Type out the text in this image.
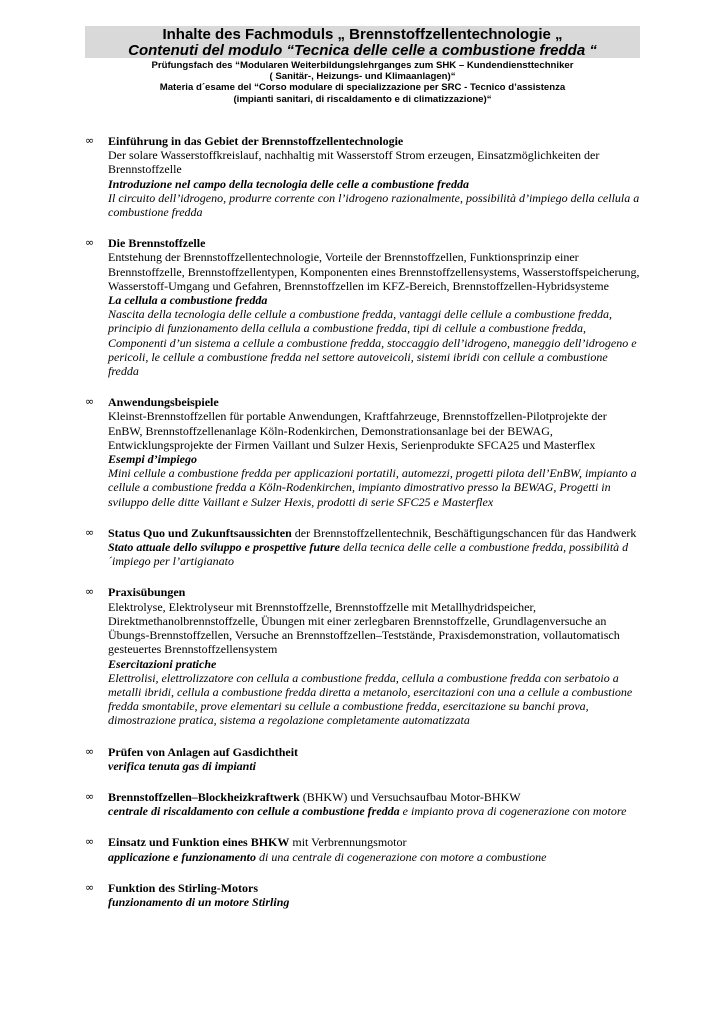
Inhalte des Fachmoduls „ Brennstoffzellentechnologie „
Contenuti del modulo “Tecnica delle celle a combustione fredda “
Prüfungsfach des “Modularen Weiterbildungslehrganges zum SHK – Kundendiensttechniker
( Sanitär-, Heizungs- und Klimaanlagen)“
Materia d´esame del “Corso modulare di specializzazione per SRC - Tecnico d’assistenza
(impianti sanitari, di riscaldamento e di climatizzazione)“
∞	Einführung in das Gebiet der Brennstoffzellentechnologie
Der solare Wasserstoffkreislauf, nachhaltig mit Wasserstoff Strom erzeugen, Einsatzmöglichkeiten der Brennstoffzelle
Introduzione nel campo della tecnologia delle celle a combustione fredda
Il circuito dell’idrogeno, produrre corrente con l’idrogeno razionalmente, possibilità d’impiego della cellula a combustione fredda
∞	Die Brennstoffzelle
Entstehung der Brennstoffzellentechnologie, Vorteile der Brennstoffzellen, Funktionsprinzip einer Brennstoffzelle, Brennstoffzellentypen, Komponenten eines Brennstoffzellensystems, Wasserstoffspeicherung, Wasserstoff-Umgang und Gefahren, Brennstoffzellen im KFZ-Bereich, Brennstoffzellen-Hybridsysteme
La cellula a combustione fredda
Nascita della tecnologia delle cellule a combustione fredda, vantaggi delle cellule a combustione fredda, principio di funzionamento della cellula a combustione fredda, tipi di cellule a combustione fredda, Componenti d’un sistema a cellule a combustione fredda, stoccaggio dell’idrogeno, maneggio dell’idrogeno e pericoli, le cellule a combustione fredda nel settore autoveicoli, sistemi ibridi con cellule a combustione fredda
∞	Anwendungsbeispiele
Kleinst-Brennstoffzellen für portable Anwendungen, Kraftfahrzeuge, Brennstoffzellen-Pilotprojekte der EnBW, Brennstoffzellenanlage Köln-Rodenkirchen, Demonstrationsanlage bei der BEWAG, Entwicklungsprojekte der Firmen Vaillant und Sulzer Hexis, Serienprodukte SFCA25 und Masterflex
Esempi d’impiego
Mini cellule a combustione fredda per applicazioni portatili, automezzi, progetti pilota dell’EnBW, impianto a cellule a combustione fredda a Köln-Rodenkirchen, impianto dimostrativo presso la BEWAG, Progetti in sviluppo delle ditte Vaillant e Sulzer Hexis, prodotti di serie SFC25 e Masterflex
∞	Status Quo und Zukunftsaussichten der Brennstoffzellentechnik, Beschäftigungschancen für das Handwerk
Stato attuale dello sviluppo e prospettive future della tecnica delle celle a combustione fredda, possibilità d´impiego per l’artigianato
∞	Praxisübungen
Elektrolyse, Elektrolyseur mit Brennstoffzelle, Brennstoffzelle mit Metallhydridspeicher, Direktmethanolbrennstoffzelle, Übungen mit einer zerlegbaren Brennstoffzelle, Grundlagenversuche an Übungs-Brennstoffzellen, Versuche an Brennstoffzellen–Teststände, Praxisdemonstration, vollautomatisch gesteuertes Brennstoffzellensystem
Esercitazioni pratiche
Elettrolisi, elettrolizzatore con cellula a combustione fredda, cellula a combustione fredda con serbatoio a metalli ibridi, cellula a combustione fredda diretta a metanolo, esercitazioni con una a cellule a combustione fredda smontabile, prove elementari su cellule a combustione fredda, esercitazione su banchi prova, dimostrazione pratica, sistema a regolazione completamente automatizzata
∞	Prüfen von Anlagen auf Gasdichtheit
verifica tenuta gas di impianti
∞	Brennstoffzellen–Blockheizkraftwerk (BHKW) und Versuchsaufbau Motor-BHKW
centrale di riscaldamento con cellule a combustione fredda e impianto prova di cogenerazione con motore
∞	Einsatz und Funktion eines BHKW mit Verbrennungsmotor
applicazione e funzionamento di una centrale di cogenerazione con motore a combustione
∞	Funktion des Stirling-Motors
funzionamento di un motore Stirling
